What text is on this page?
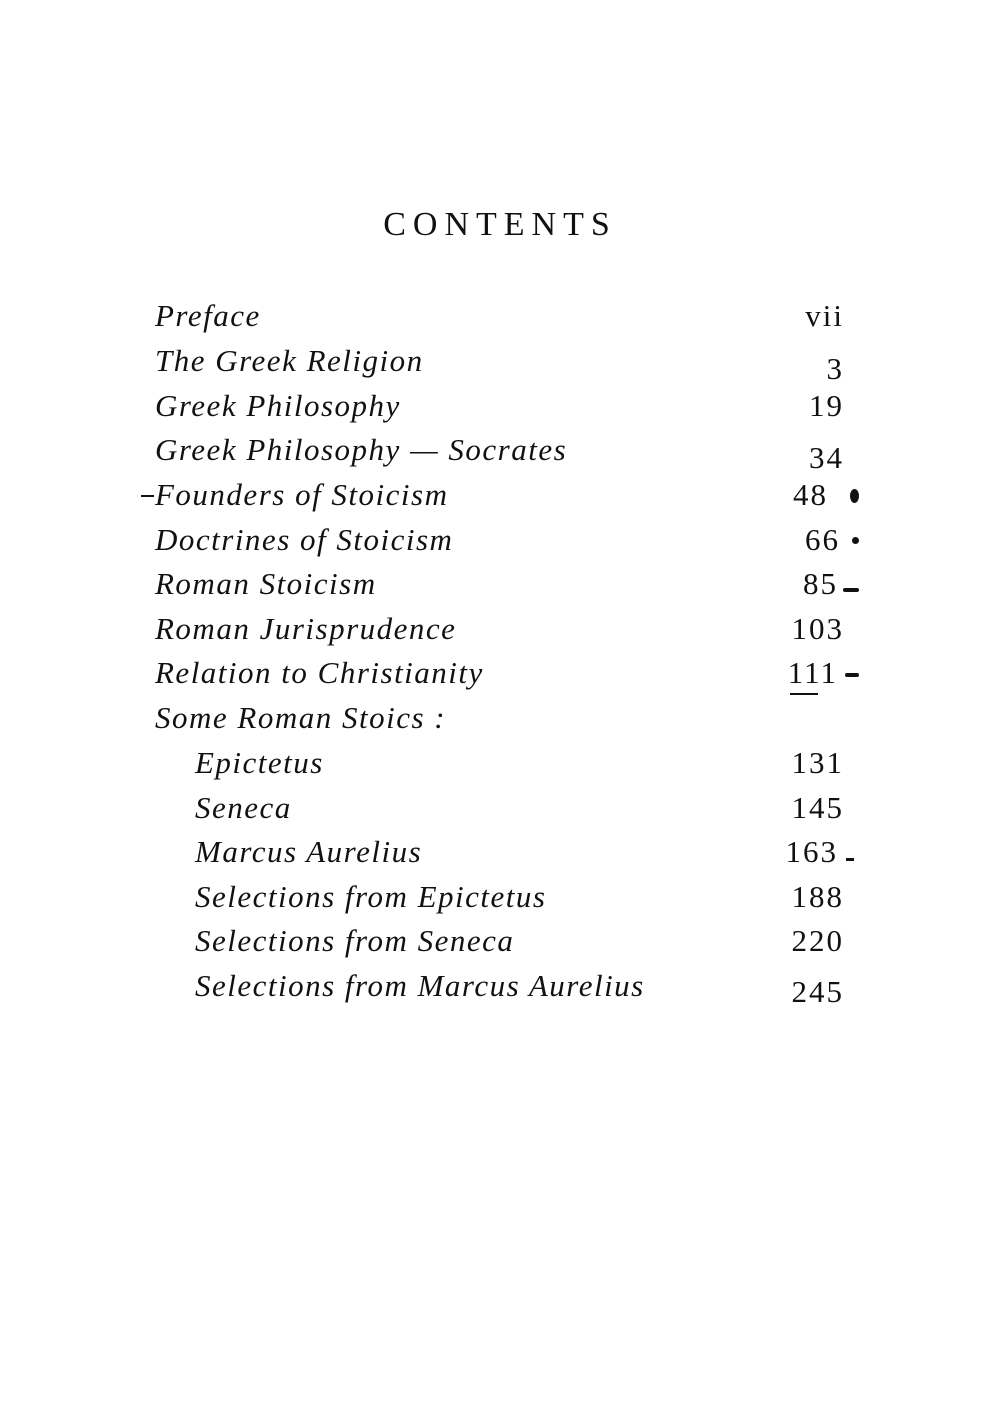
CONTENTS
Preface	vii
The Greek Religion	3
Greek Philosophy	19
Greek Philosophy — Socrates	34
Founders of Stoicism	48
Doctrines of Stoicism	66
Roman Stoicism	85
Roman Jurisprudence	103
Relation to Christianity	111
Some Roman Stoics :
Epictetus	131
Seneca	145
Marcus Aurelius	163
Selections from Epictetus	188
Selections from Seneca	220
Selections from Marcus Aurelius	245
